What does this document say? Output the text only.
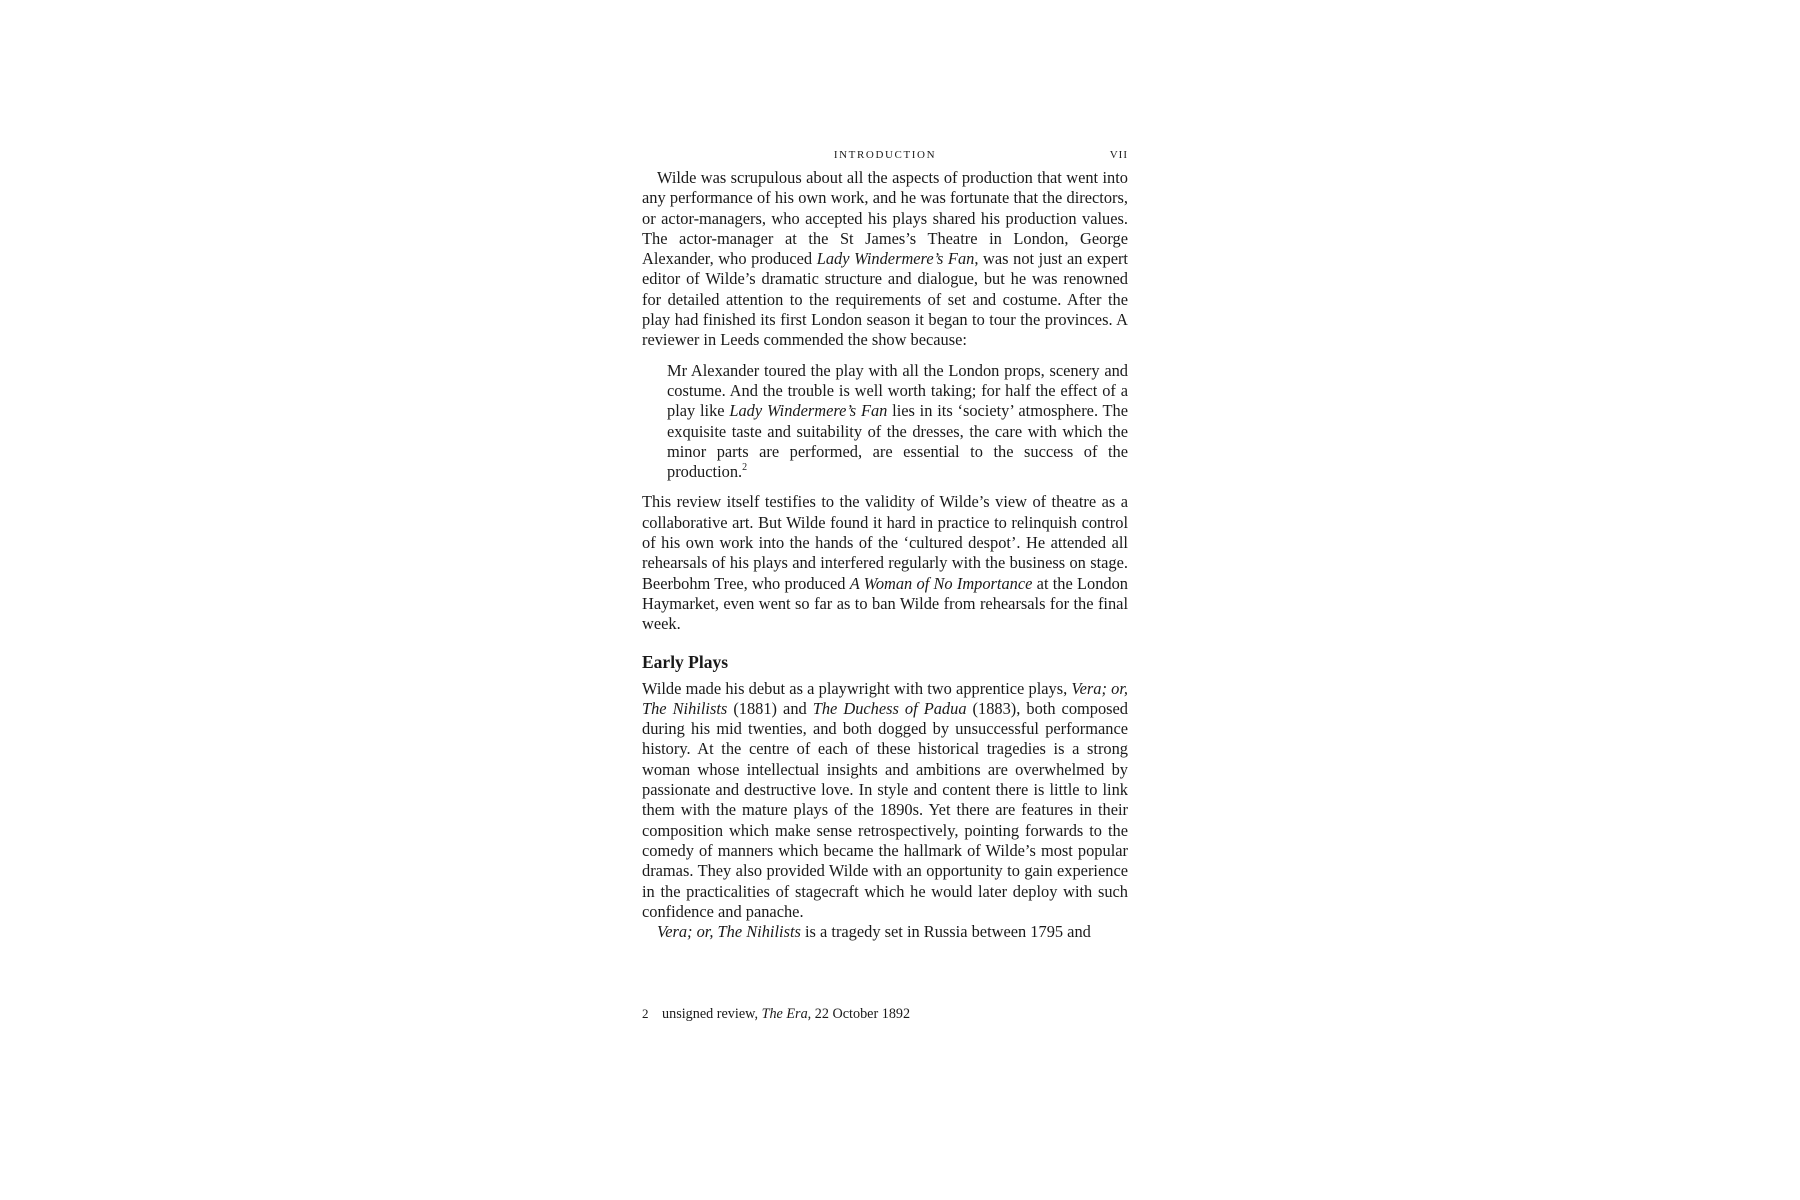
introduction	vii

Wilde was scrupulous about all the aspects of production that went into any performance of his own work, and he was fortunate that the directors, or actor-managers, who accepted his plays shared his production values. The actor-manager at the St James’s Theatre in London, George Alexander, who produced Lady Windermere’s Fan, was not just an expert editor of Wilde’s dramatic structure and dialogue, but he was renowned for detailed attention to the requirements of set and costume. After the play had finished its first London season it began to tour the provinces. A reviewer in Leeds commended the show because:

Mr Alexander toured the play with all the London props, scenery and costume. And the trouble is well worth taking; for half the effect of a play like Lady Windermere’s Fan lies in its ‘society’ atmosphere. The exquisite taste and suitability of the dresses, the care with which the minor parts are performed, are essential to the success of the production.$^2$

This review itself testifies to the validity of Wilde’s view of theatre as a collaborative art. But Wilde found it hard in practice to relinquish control of his own work into the hands of the ‘cultured despot’. He attended all rehearsals of his plays and interfered regularly with the business on stage. Beerbohm Tree, who produced A Woman of No Importance at the London Haymarket, even went so far as to ban Wilde from rehearsals for the final week.

Early Plays

Wilde made his debut as a playwright with two apprentice plays, Vera; or, The Nihilists (1881) and The Duchess of Padua (1883), both composed during his mid twenties, and both dogged by unsuccessful performance history. At the centre of each of these historical tragedies is a strong woman whose intellectual insights and ambitions are overwhelmed by passionate and destructive love. In style and content there is little to link them with the mature plays of the 1890s. Yet there are features in their composition which make sense retrospectively, pointing forwards to the comedy of manners which became the hallmark of Wilde’s most popular dramas. They also provided Wilde with an opportunity to gain experience in the practicalities of stagecraft which he would later deploy with such confidence and panache.

Vera; or, The Nihilists is a tragedy set in Russia between 1795 and

2 unsigned review, The Era, 22 October 1892
